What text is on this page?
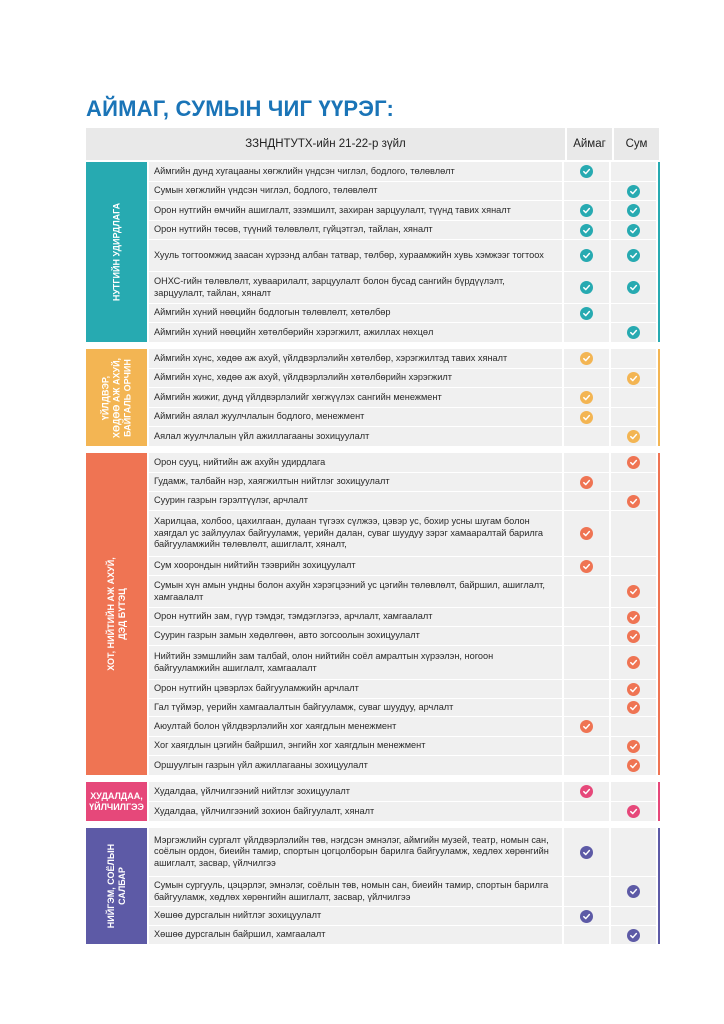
АЙМАГ, СУМЫН ЧИГ ҮҮРЭГ:
ЗЗНДНТУТХ-ийн 21-22-р зүйл	Аймаг	Сум
НУТГИЙН УДИРДЛАГА
Аймгийн дунд хугацааны хөгжлийн үндсэн чиглэл, бодлого, төлөвлөлт
Сумын хөгжлийн үндсэн чиглэл, бодлого, төлөвлөлт
Орон нутгийн өмчийн ашиглалт, эзэмшилт, захиран зарцуулалт, түүнд тавих хяналт
Орон нутгийн төсөв, түүний төлөвлөлт, гүйцэтгэл, тайлан, хяналт
Хууль тогтоомжид заасан хүрээнд албан татвар, төлбөр, хураамжийн хувь хэмжээг тогтоох
ОНХС-гийн төлөвлөлт, хуваарилалт, зарцуулалт болон бусад сангийн бүрдүүлэлт, зарцуулалт, тайлан, хяналт
Аймгийн хүний нөөцийн бодлогын төлөвлөлт, хөтөлбөр
Аймгийн хүний нөөцийн хөтөлбөрийн хэрэгжилт, ажиллах нөхцөл
ҮЙЛДВЭР,
ХӨДӨӨ АЖ АХУЙ,
БАЙГАЛЬ ОРЧИН
Аймгийн хүнс, хөдөө аж ахуй, үйлдвэрлэлийн хөтөлбөр, хэрэгжилтэд тавих хяналт
Аймгийн хүнс, хөдөө аж ахуй, үйлдвэрлэлийн хөтөлбөрийн хэрэгжилт
Аймгийн жижиг, дунд үйлдвэрлэлийг хөгжүүлэх сангийн менежмент
Аймгийн аялал жуулчлалын бодлого, менежмент
Аялал жуулчлалын үйл ажиллагааны зохицуулалт
ХОТ, НИЙТИЙН АЖ АХУЙ,
ДЭД БҮТЭЦ
Орон сууц, нийтийн аж ахуйн удирдлага
Гудамж, талбайн нэр, хаягжилтын нийтлэг зохицуулалт
Суурин газрын гэрэлтүүлэг, арчлалт
Харилцаа, холбоо, цахилгаан, дулаан түгээх сүлжээ, цэвэр ус, бохир усны шугам болон хаягдал ус зайлуулах байгууламж, үерийн далан, суваг шуудуу зэрэг хамааралтай барилга байгууламжийн төлөвлөлт, ашиглалт, хяналт,
Сум хоорондын нийтийн тээврийн зохицуулалт
Сумын хүн амын ундны болон ахуйн хэрэгцээний ус цэгийн төлөвлөлт, байршил, ашиглалт, хамгаалалт
Орон нутгийн зам, гүүр тэмдэг, тэмдэглэгээ, арчлалт, хамгаалалт
Суурин газрын замын хөдөлгөөн, авто зогсоолын зохицуулалт
Нийтийн зэмшлийн зам талбай, олон нийтийн соёл амралтын хүрээлэн, ногоон байгууламжийн ашиглалт, хамгаалалт
Орон нутгийн цэвэрлэх байгууламжийн арчлалт
Гал түймэр, үерийн хамгаалалтын байгууламж, суваг шуудуу, арчлалт
Аюултай болон үйлдвэрлэлийн хог хаягдлын менежмент
Хог хаягдлын цэгийн байршил, энгийн хог хаягдлын менежмент
Оршуулгын газрын үйл ажиллагааны зохицуулалт
ХУДАЛДАА,
ҮЙЛЧИЛГЭЭ
Худалдаа, үйлчилгээний нийтлэг зохицуулалт
Худалдаа, үйлчилгээний зохион байгуулалт, хяналт
НИЙГЭМ, СОЁЛЫН
САЛБАР
Мэргэжлийн сургалт үйлдвэрлэлийн төв, нэгдсэн эмнэлэг, аймгийн музей, театр, номын сан, соёлын ордон, биеийн тамир, спортын цогцолборын барилга байгууламж, хөдлөх хөрөнгийн ашиглалт, засвар, үйлчилгээ
Сумын сургууль, цэцэрлэг, эмнэлэг, соёлын төв, номын сан, биеийн тамир, спортын барилга байгууламж, хөдлөх хөрөнгийн ашиглалт, засвар, үйлчилгээ
Хөшөө дурсгалын нийтлэг зохицуулалт
Хөшөө дурсгалын байршил, хамгаалалт
